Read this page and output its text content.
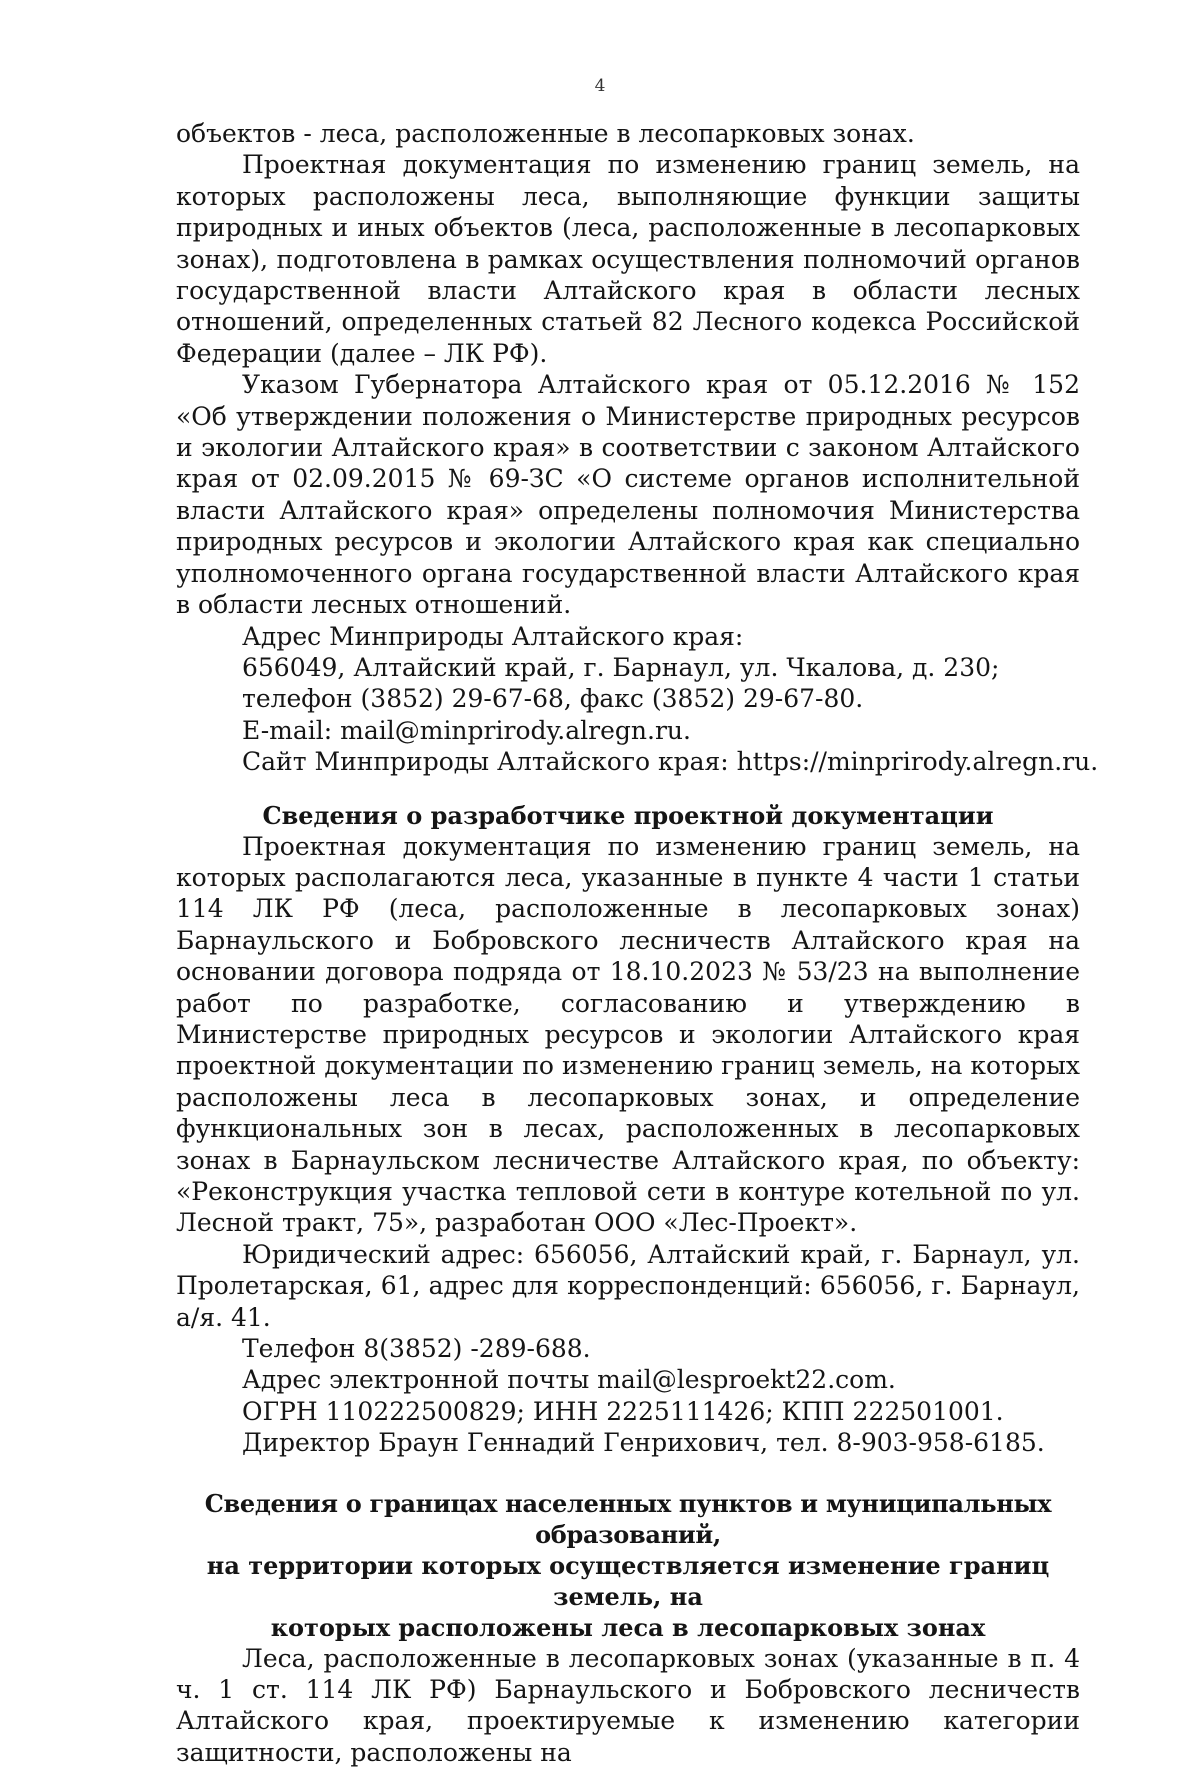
4

объектов - леса, расположенные в лесопарковых зонах.

Проектная документация по изменению границ земель, на которых расположены леса, выполняющие функции защиты природных и иных объектов (леса, расположенные в лесопарковых зонах), подготовлена в рамках осуществления полномочий органов государственной власти Алтайского края в области лесных отношений, определенных статьей 82 Лесного кодекса Российской Федерации (далее – ЛК РФ).

Указом Губернатора Алтайского края от 05.12.2016 № 152 «Об утверждении положения о Министерстве природных ресурсов и экологии Алтайского края» в соответствии с законом Алтайского края от 02.09.2015 № 69-ЗС «О системе органов исполнительной власти Алтайского края» определены полномочия Министерства природных ресурсов и экологии Алтайского края как специально уполномоченного органа государственной власти Алтайского края в области лесных отношений.

Адрес Минприроды Алтайского края:

656049, Алтайский край, г. Барнаул, ул. Чкалова, д. 230;

телефон (3852) 29-67-68, факс (3852) 29-67-80.

E-mail: mail@minprirody.alregn.ru.

Сайт Минприроды Алтайского края: https://minprirody.alregn.ru.

Сведения о разработчике проектной документации

Проектная документация по изменению границ земель, на которых располагаются леса, указанные в пункте 4 части 1 статьи 114 ЛК РФ (леса, расположенные в лесопарковых зонах) Барнаульского и Бобровского лесничеств Алтайского края на основании договора подряда от 18.10.2023 № 53/23 на выполнение работ по разработке, согласованию и утверждению в Министерстве природных ресурсов и экологии Алтайского края проектной документации по изменению границ земель, на которых расположены леса в лесопарковых зонах, и определение функциональных зон в лесах, расположенных в лесопарковых зонах в Барнаульском лесничестве Алтайского края, по объекту: «Реконструкция участка тепловой сети в контуре котельной по ул. Лесной тракт, 75», разработан ООО «Лес-Проект».

Юридический адрес: 656056, Алтайский край, г. Барнаул, ул. Пролетарская, 61, адрес для корреспонденций: 656056, г. Барнаул, а/я. 41.

Телефон 8(3852) -289-688.

Адрес электронной почты mail@lesproekt22.com.

ОГРН 110222500829; ИНН 2225111426; КПП 222501001.

Директор Браун Геннадий Генрихович, тел. 8-903-958-6185.

Сведения о границах населенных пунктов и муниципальных образований,
на территории которых осуществляется изменение границ земель, на
которых расположены леса в лесопарковых зонах

Леса, расположенные в лесопарковых зонах (указанные в п. 4 ч. 1 ст. 114 ЛК РФ) Барнаульского и Бобровского лесничеств Алтайского края, проектируемые к изменению категории защитности, расположены на
